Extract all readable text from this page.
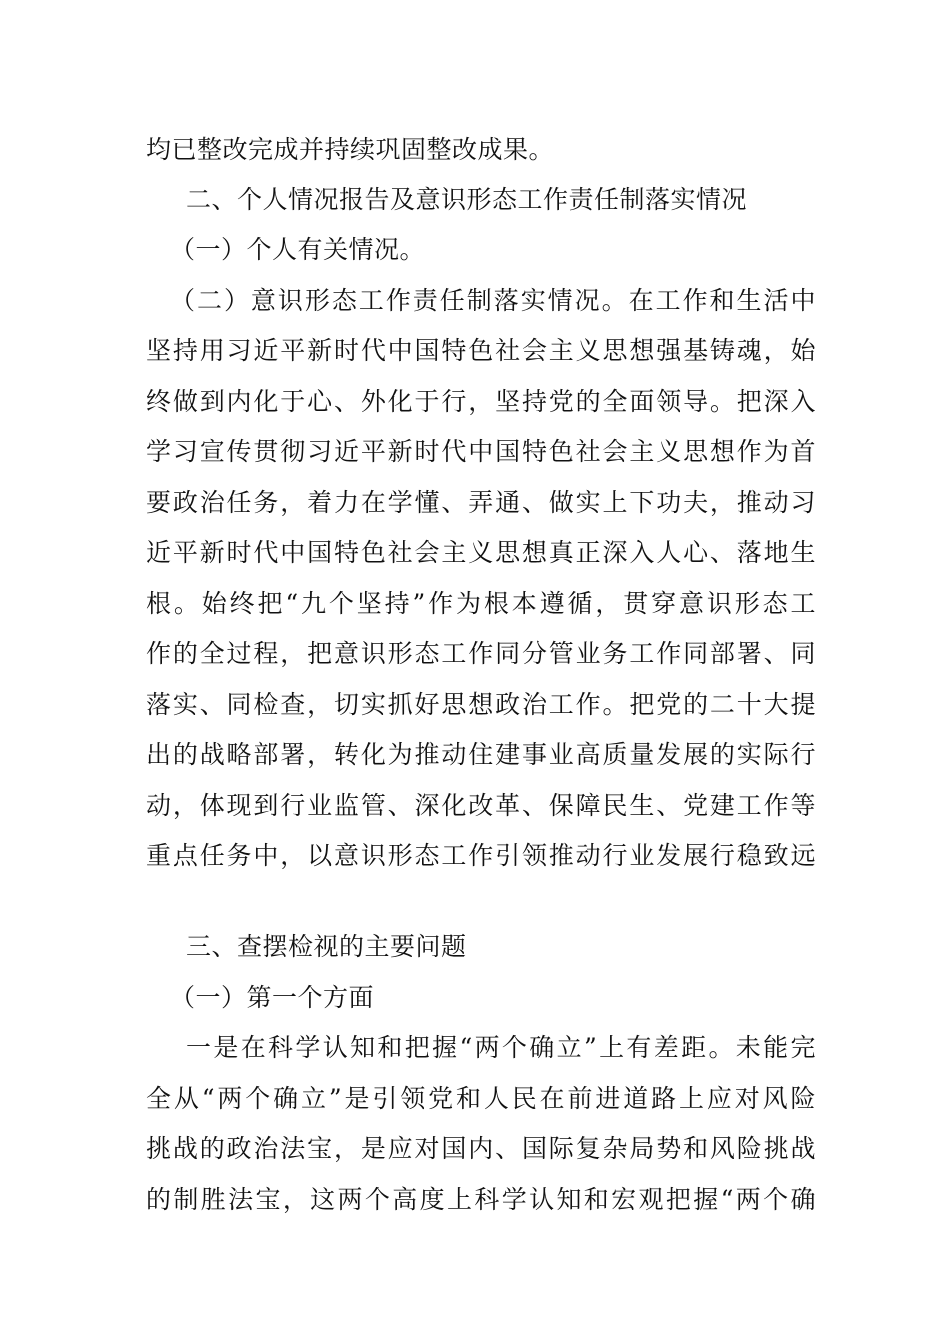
均已整改完成并持续巩固整改成果。
二、个人情况报告及意识形态工作责任制落实情况
（一）个人有关情况。
（二）意识形态工作责任制落实情况。在工作和生活中
坚持用习近平新时代中国特色社会主义思想强基铸魂，始
终做到内化于心、外化于行，坚持党的全面领导。把深入
学习宣传贯彻习近平新时代中国特色社会主义思想作为首
要政治任务，着力在学懂、弄通、做实上下功夫，推动习
近平新时代中国特色社会主义思想真正深入人心、落地生
根。始终把“九个坚持”作为根本遵循，贯穿意识形态工
作的全过程，把意识形态工作同分管业务工作同部署、同
落实、同检查，切实抓好思想政治工作。把党的二十大提
出的战略部署，转化为推动住建事业高质量发展的实际行
动，体现到行业监管、深化改革、保障民生、党建工作等
重点任务中，以意识形态工作引领推动行业发展行稳致远
三、查摆检视的主要问题
（一）第一个方面
一是在科学认知和把握“两个确立”上有差距。未能完
全从“两个确立”是引领党和人民在前进道路上应对风险
挑战的政治法宝，是应对国内、国际复杂局势和风险挑战
的制胜法宝，这两个高度上科学认知和宏观把握“两个确
